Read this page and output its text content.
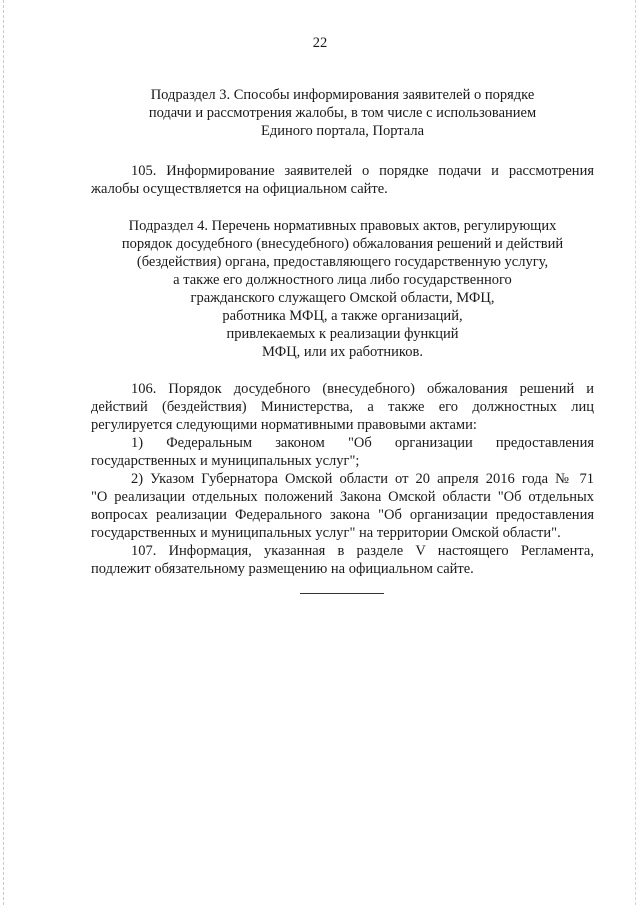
22
Подраздел 3. Способы информирования заявителей о порядке
подачи и рассмотрения жалобы, в том числе с использованием
Единого портала, Портала
105. Информирование заявителей о порядке подачи и рассмотрения
жалобы осуществляется на официальном сайте.
Подраздел 4. Перечень нормативных правовых актов, регулирующих
порядок досудебного (внесудебного) обжалования решений и действий
(бездействия) органа, предоставляющего государственную услугу,
а также его должностного лица либо государственного
гражданского служащего Омской области, МФЦ,
работника МФЦ, а также организаций,
привлекаемых к реализации функций
МФЦ, или их работников.
106. Порядок досудебного (внесудебного) обжалования решений и
действий (бездействия) Министерства, а также его должностных лиц
регулируется следующими нормативными правовыми актами:
1) Федеральным законом "Об организации предоставления
государственных и муниципальных услуг";
2) Указом Губернатора Омской области от 20 апреля 2016 года № 71
"О реализации отдельных положений Закона Омской области "Об отдельных
вопросах реализации Федерального закона "Об организации предоставления
государственных и муниципальных услуг" на территории Омской области".
107. Информация, указанная в разделе V настоящего Регламента,
подлежит обязательному размещению на официальном сайте.
